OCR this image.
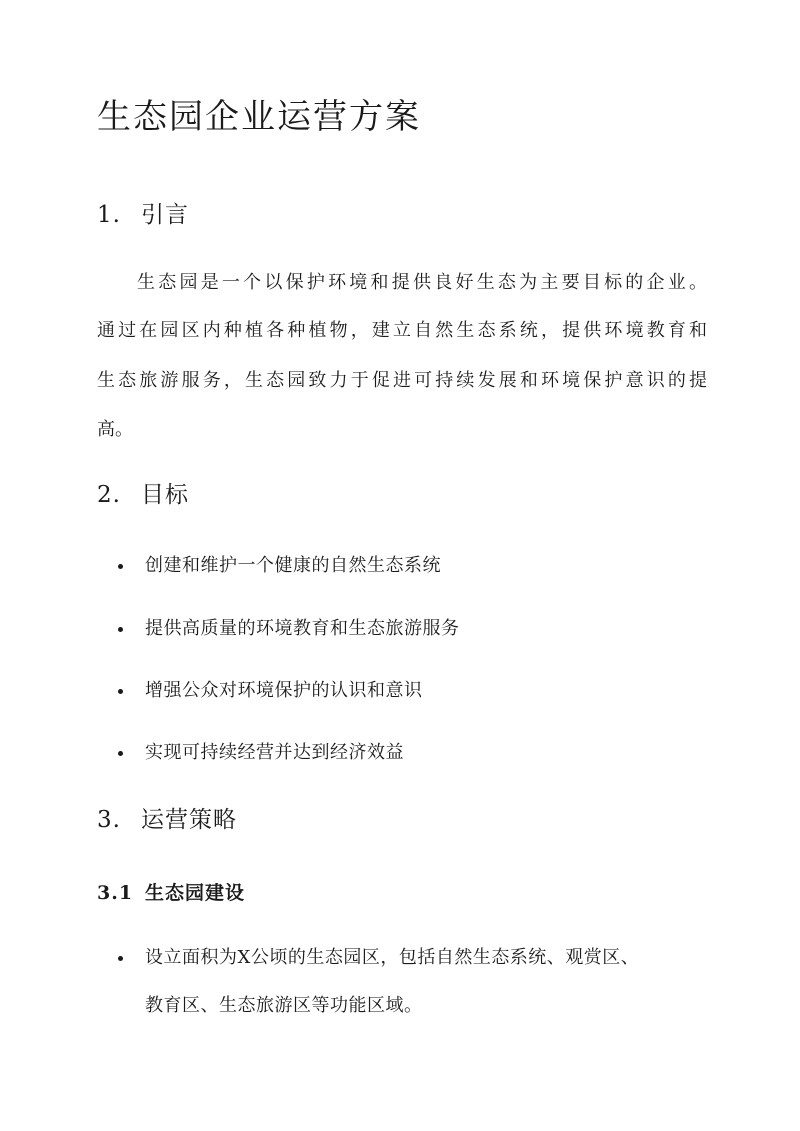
生态园企业运营方案
1. 引言
生态园是一个以保护环境和提供良好生态为主要目标的企业。
通过在园区内种植各种植物，建立自然生态系统，提供环境教育和
生态旅游服务，生态园致力于促进可持续发展和环境保护意识的提
高。
2. 目标
创建和维护一个健康的自然生态系统
提供高质量的环境教育和生态旅游服务
增强公众对环境保护的认识和意识
实现可持续经营并达到经济效益
3. 运营策略
3.1 生态园建设
设立面积为X公顷的生态园区，包括自然生态系统、观赏区、
教育区、生态旅游区等功能区域。
